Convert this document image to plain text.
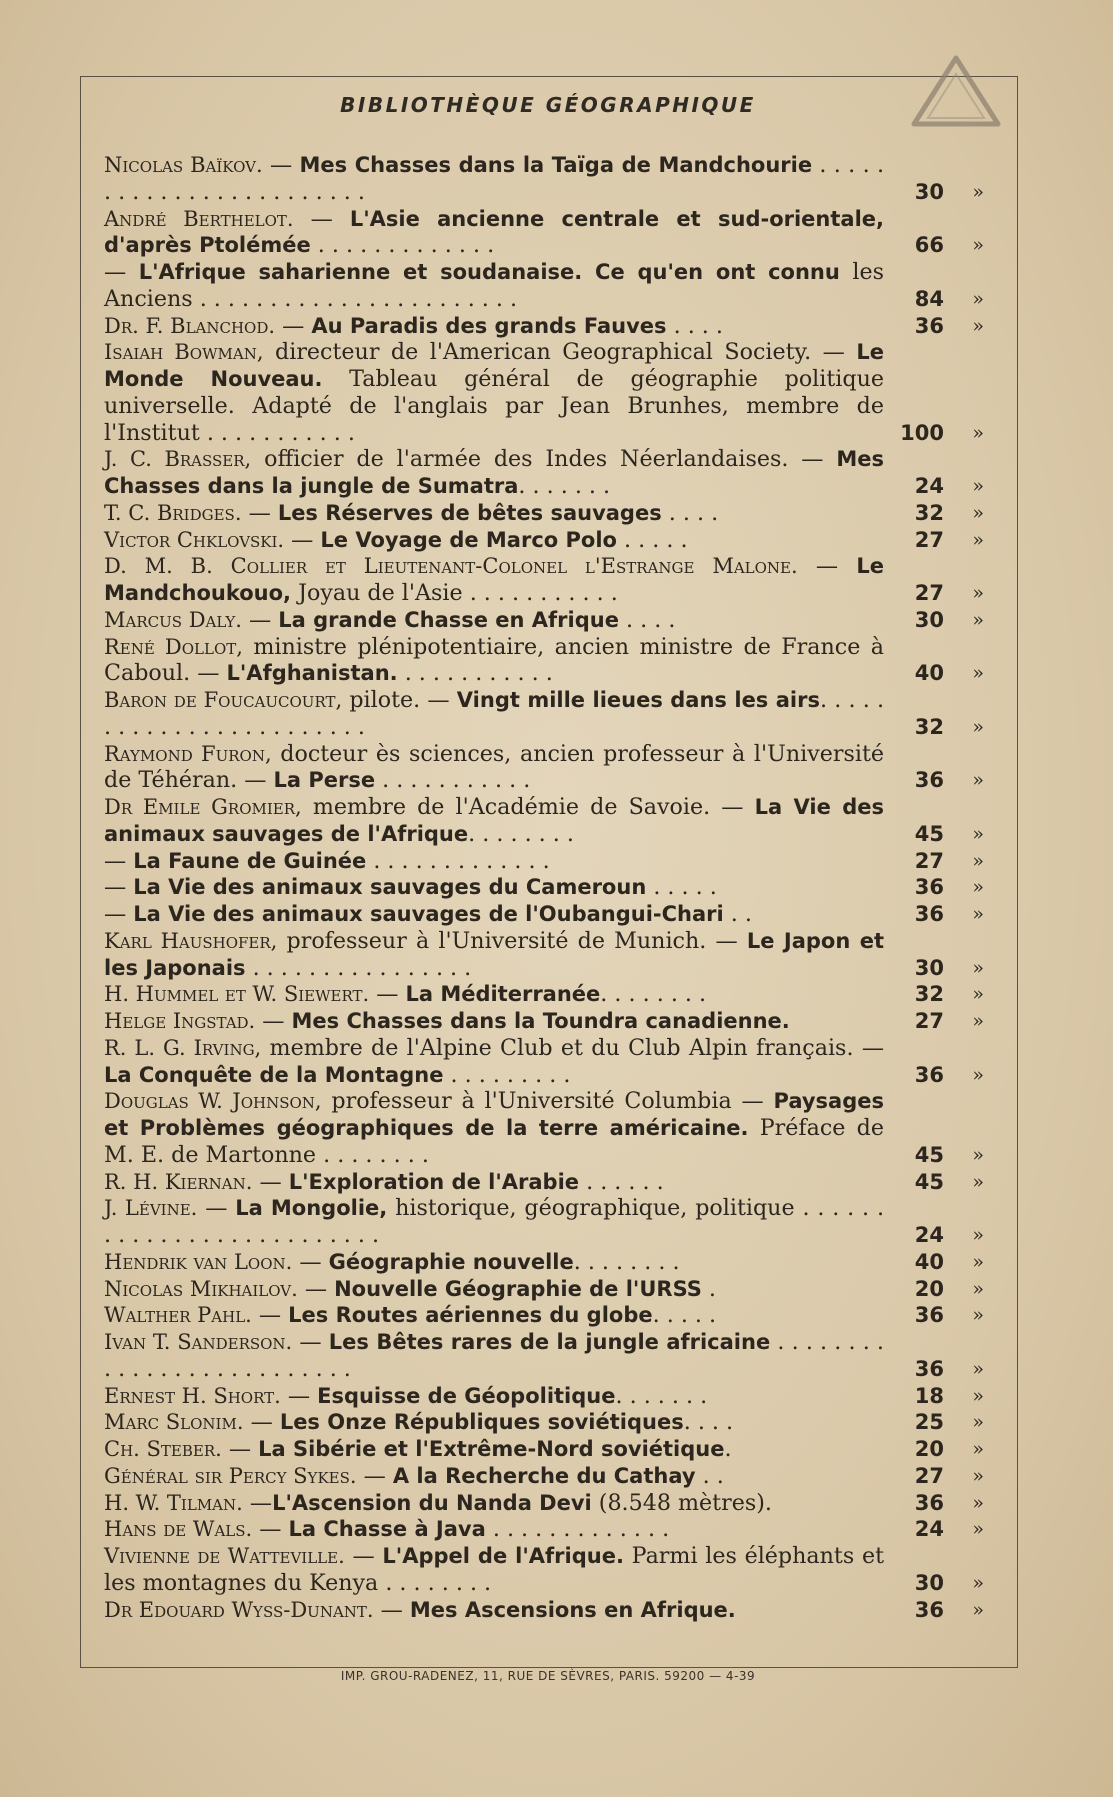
BIBLIOTHÈQUE GÉOGRAPHIQUE
Nicolas Baïkov. — Mes Chasses dans la Taïga de Mandchourie . . . . . . . . . . . . . . . . . . . . . . . .	30	»
André Berthelot. — L'Asie ancienne centrale et sud-orientale, d'après Ptolémée . . . . . . . . . . . . .	66	»
— L'Afrique saharienne et soudanaise. Ce qu'en ont connu les Anciens . . . . . . . . . . . . . . . . . . . . . . .	84	»
Dr. F. Blanchod. — Au Paradis des grands Fauves . . . .	36	»
Isaiah Bowman, directeur de l'American Geographical Society. — Le Monde Nouveau. Tableau général de géographie politique universelle. Adapté de l'anglais par Jean Brunhes, membre de l'Institut . . . . . . . . . . .	100	»
J. C. Brasser, officier de l'armée des Indes Néerlandaises. — Mes Chasses dans la jungle de Sumatra. . . . . . .	24	»
T. C. Bridges. — Les Réserves de bêtes sauvages . . . .	32	»
Victor Chklovski. — Le Voyage de Marco Polo . . . . .	27	»
D. M. B. Collier et Lieutenant-Colonel l'Estrange Malone. — Le Mandchoukouo, Joyau de l'Asie . . . . . . . . . . .	27	»
Marcus Daly. — La grande Chasse en Afrique . . . .	30	»
René Dollot, ministre plénipotentiaire, ancien ministre de France à Caboul. — L'Afghanistan. . . . . . . . . . . .	40	»
Baron de Foucaucourt, pilote. — Vingt mille lieues dans les airs. . . . . . . . . . . . . . . . . . . . . . . .	32	»
Raymond Furon, docteur ès sciences, ancien professeur à l'Université de Téhéran. — La Perse . . . . . . . . . . .	36	»
Dr Emile Gromier, membre de l'Académie de Savoie. — La Vie des animaux sauvages de l'Afrique. . . . . . . .	45	»
— La Faune de Guinée . . . . . . . . . . . . .	27	»
— La Vie des animaux sauvages du Cameroun . . . . .	36	»
— La Vie des animaux sauvages de l'Oubangui-Chari . .	36	»
Karl Haushofer, professeur à l'Université de Munich. — Le Japon et les Japonais . . . . . . . . . . . . . . . .	30	»
H. Hummel et W. Siewert. — La Méditerranée. . . . . . . .	32	»
Helge Ingstad. — Mes Chasses dans la Toundra canadienne.	27	»
R. L. G. Irving, membre de l'Alpine Club et du Club Alpin français. — La Conquête de la Montagne . . . . . . . . .	36	»
Douglas W. Johnson, professeur à l'Université Columbia — Paysages et Problèmes géographiques de la terre américaine. Préface de M. E. de Martonne . . . . . . . .	45	»
R. H. Kiernan. — L'Exploration de l'Arabie . . . . . .	45	»
J. Lévine. — La Mongolie, historique, géographique, politique . . . . . . . . . . . . . . . . . . . . . . . . . .	24	»
Hendrik van Loon. — Géographie nouvelle. . . . . . . .	40	»
Nicolas Mikhailov. — Nouvelle Géographie de l'URSS .	20	»
Walther Pahl. — Les Routes aériennes du globe. . . . .	36	»
Ivan T. Sanderson. — Les Bêtes rares de la jungle africaine . . . . . . . . . . . . . . . . . . . . . . . . . .	36	»
Ernest H. Short. — Esquisse de Géopolitique. . . . . . .	18	»
Marc Slonim. — Les Onze Républiques soviétiques. . . .	25	»
Ch. Steber. — La Sibérie et l'Extrême-Nord soviétique.	20	»
Général sir Percy Sykes. — A la Recherche du Cathay . .	27	»
H. W. Tilman. —L'Ascension du Nanda Devi (8.548 mètres).	36	»
Hans de Wals. — La Chasse à Java . . . . . . . . . . . . .	24	»
Vivienne de Watteville. — L'Appel de l'Afrique. Parmi les éléphants et les montagnes du Kenya . . . . . . . .	30	»
Dr Edouard Wyss-Dunant. — Mes Ascensions en Afrique.	36	»
IMP. GROU-RADENEZ, 11, RUE DE SÈVRES, PARIS. 59200 — 4-39
